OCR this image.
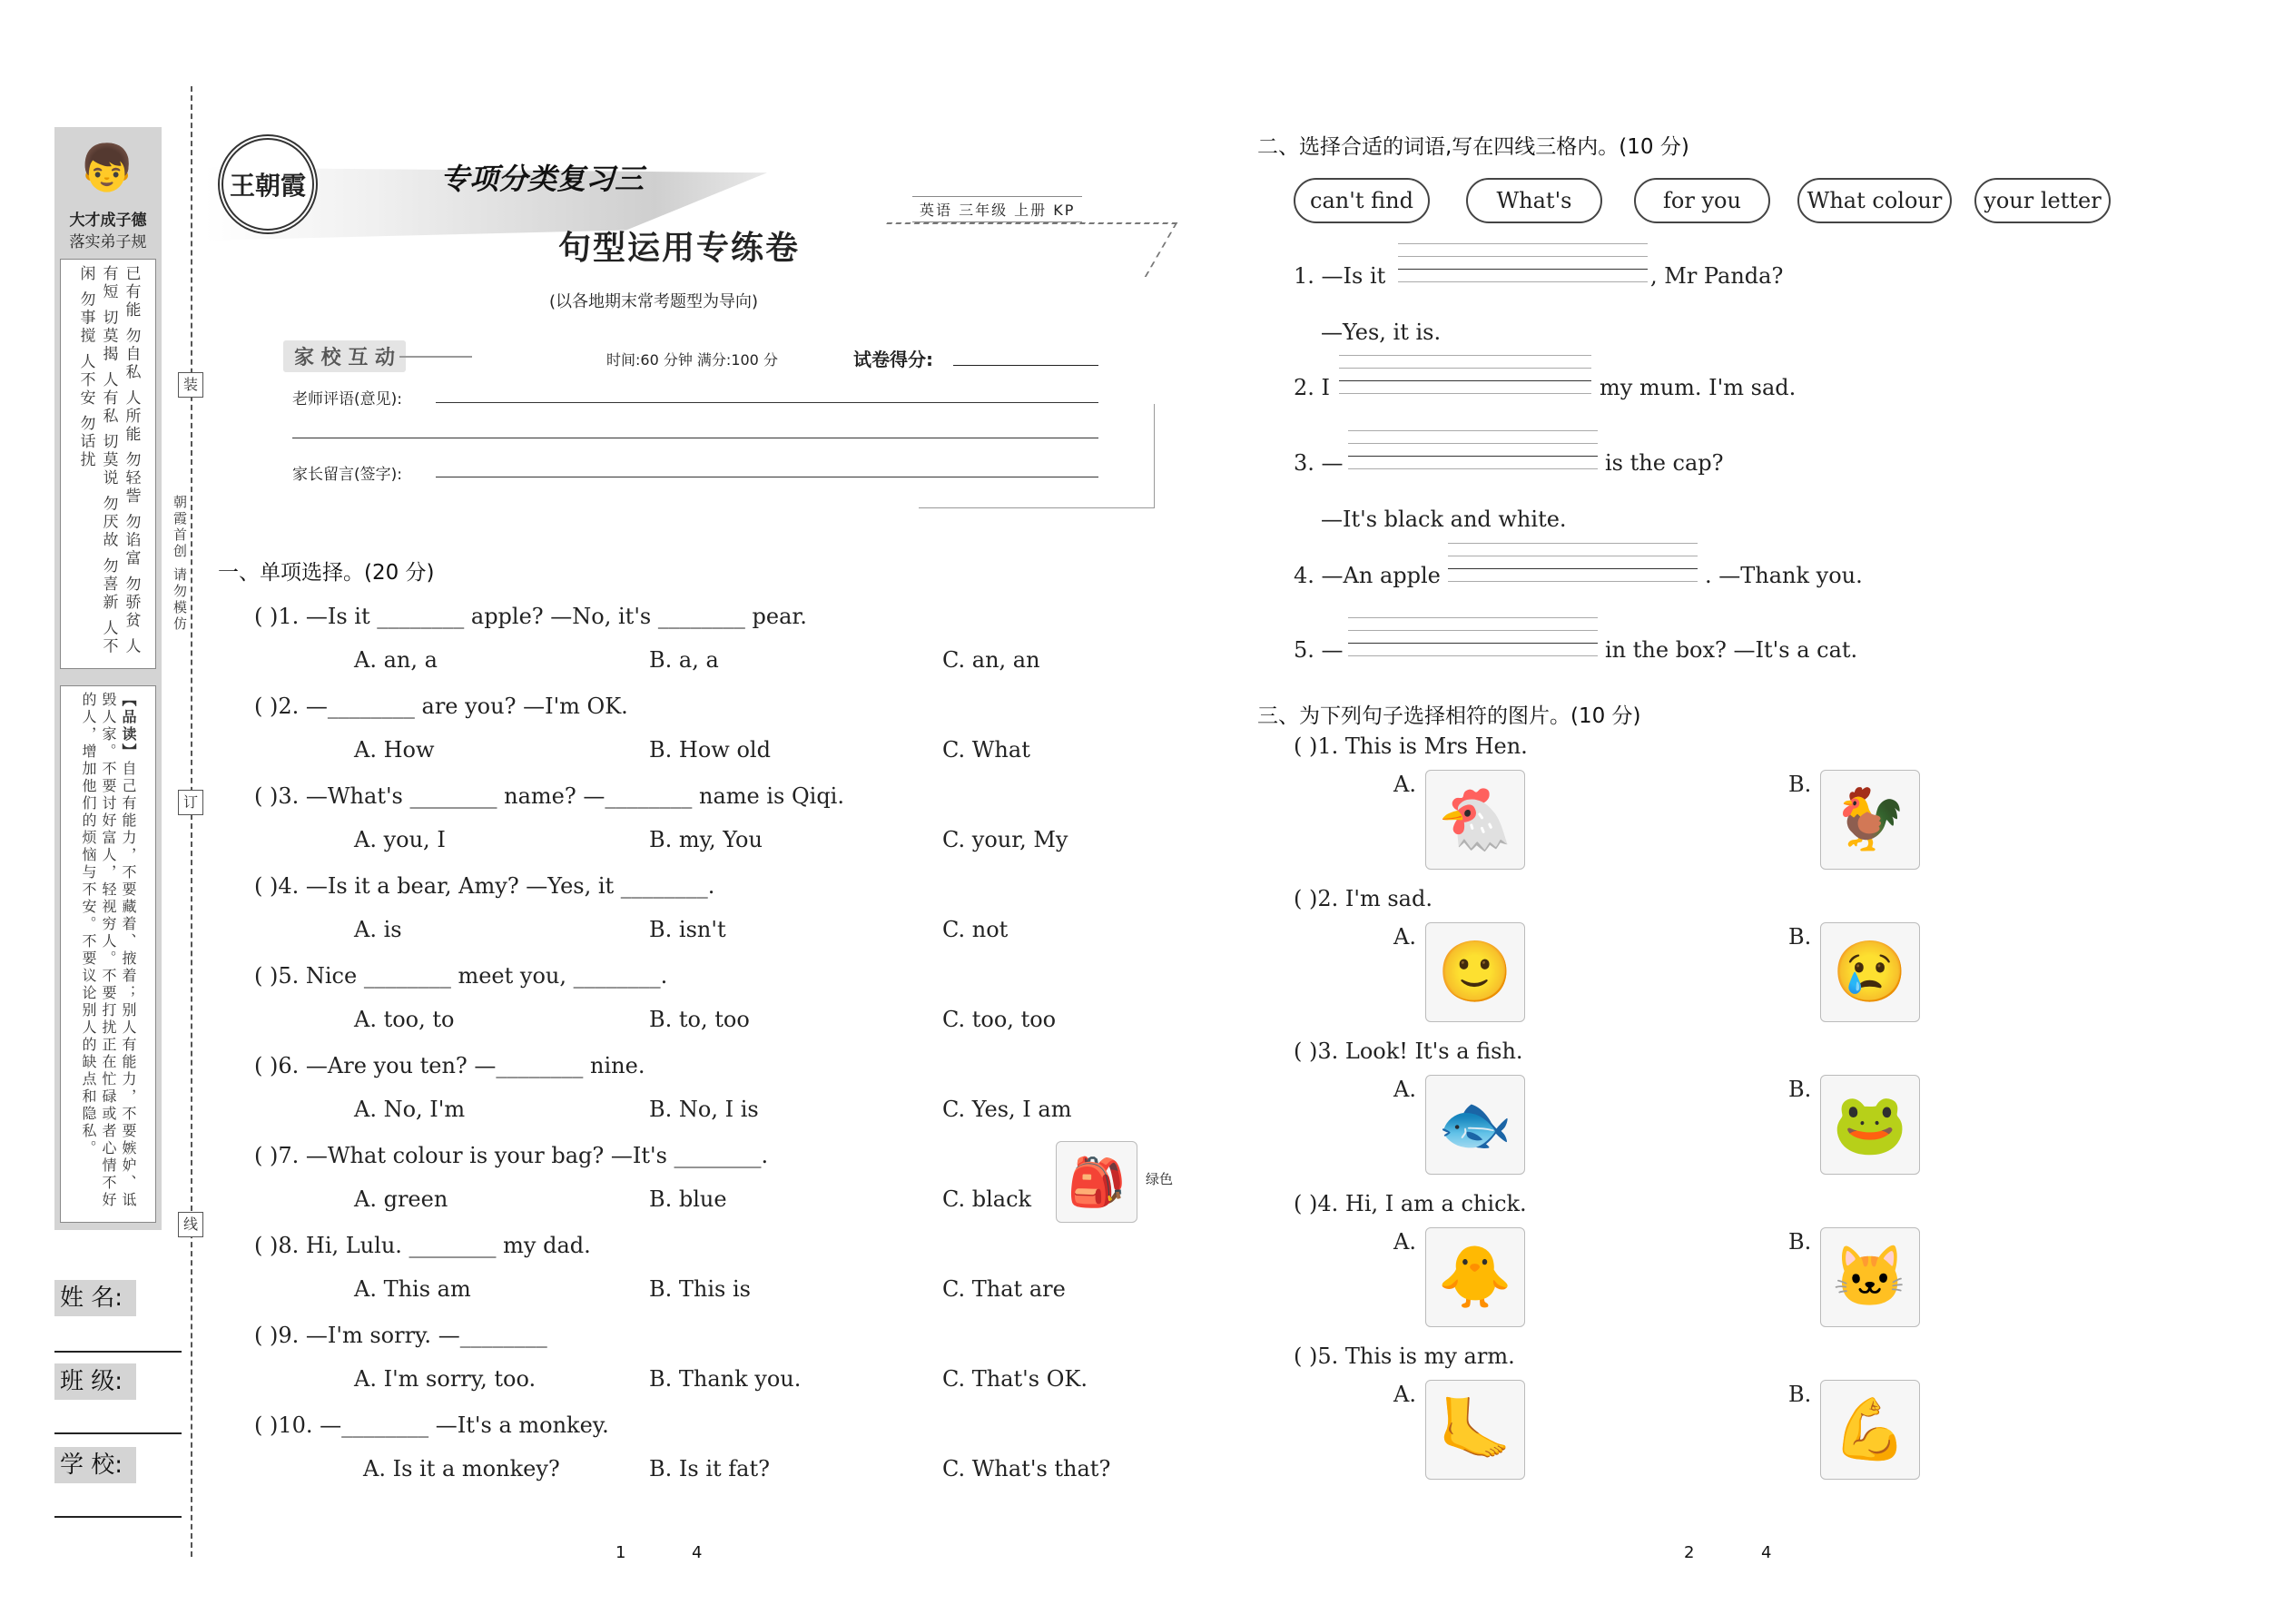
👦
大才成子德
落实弟子规
已有能 勿自私 人所能 勿轻訾 勿谄富 勿骄贫 人有短 切莫揭 人有私 切莫说 勿厌故 勿喜新 人不闲 勿事搅 人不安 勿话扰
【品读】自己有能力，不要藏着、掖着；别人有能力，不要嫉妒、诋毁人家。不要讨好富人，轻视穷人。不要打扰正在忙碌或者心情不好的人，增加他们的烦恼与不安。不要议论别人的缺点和隐私。
姓 名:
班 级:
学 校:
装
订
线
朝霞首创 请勿模仿
王朝霞	专项分类复习三
英语 三年级 上册 KP
句型运用专练卷
(以各地期末常考题型为导向)
家 校 互 动	时间:60 分钟 满分:100 分	试卷得分:
老师评语(意见):
家长留言(签字):
一、单项选择。(20 分)
( )1. —Is it ________ apple? —No, it's ________ pear.
A. an, a	B. a, a	C. an, an
( )2. —________ are you? —I'm OK.
A. How	B. How old	C. What
( )3. —What's ________ name? —________ name is Qiqi.
A. you, I	B. my, You	C. your, My
( )4. —Is it a bear, Amy? —Yes, it ________.
A. is	B. isn't	C. not
( )5. Nice ________ meet you, ________.
A. too, to	B. to, too	C. too, too
( )6. —Are you ten? —________ nine.
A. No, I'm	B. No, I is	C. Yes, I am
( )7. —What colour is your bag? —It's ________.
A. green	B. blue	C. black
( )8. Hi, Lulu. ________ my dad.
A. This am	B. This is	C. That are
( )9. —I'm sorry. —________
A. I'm sorry, too.	B. Thank you.	C. That's OK.
( )10. —________ —It's a monkey.
A. Is it a monkey?	B. Is it fat?	C. What's that?
🎒	绿色
二、选择合适的词语,写在四线三格内。(10 分)
can't find	What's	for you	What colour	your letter
1. —Is it	, Mr Panda?
—Yes, it is.
2. I	my mum. I'm sad.
3. —	is the cap?
—It's black and white.
4. —An apple	. —Thank you.
5. —	in the box? —It's a cat.
三、为下列句子选择相符的图片。(10 分)
( )1. This is Mrs Hen.
A.	B.
🐔	🐓
( )2. I'm sad.
A.	B.
🙂	😢
( )3. Look! It's a fish.
A.	B.
🐟	🐸
( )4. Hi, I am a chick.
A.	B.
🐥	🐱
( )5. This is my arm.
A.	B.
🦶	💪
1	4	2	4
